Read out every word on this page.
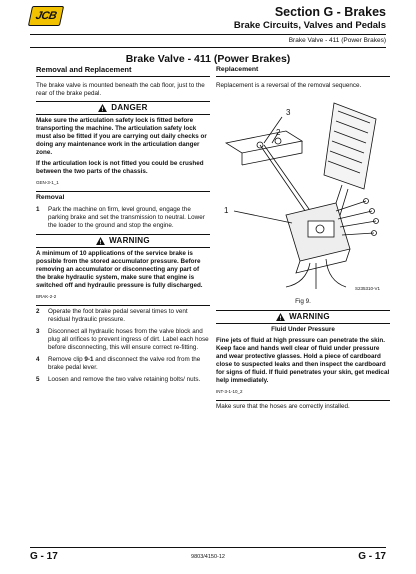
JCB	Section G - Brakes
Brake Circuits, Valves and Pedals
Brake Valve - 411 (Power Brakes)
Brake Valve - 411 (Power Brakes)
Removal and Replacement

The brake valve is mounted beneath the cab floor, just to the rear of the brake pedal.

DANGER

Make sure the articulation safety lock is fitted before transporting the machine. The articulation safety lock must also be fitted if you are carrying out daily checks or doing any maintenance work in the articulation danger zone.

If the articulation lock is not fitted you could be crushed between the two parts of the chassis.

GEN-3-1_1
Removal
1	Park the machine on firm, level ground, engage the parking brake and set the transmission to neutral. Lower the loader to the ground and stop the engine.
WARNING

A minimum of 10 applications of the service brake is possible from the stored accumulator pressure. Before removing an accumulator or disconnecting any part of the brake hydraulic system, make sure that engine is switched off and hydraulic pressure is fully discharged.

BRAK-2-2
2	Operate the foot brake pedal several times to vent residual hydraulic pressure.
3	Disconnect all hydraulic hoses from the valve block and plug all orifices to prevent ingress of dirt. Label each hose before disconnecting, this will ensure correct re-fitting.
4	Remove clip 9-1 and disconnect the valve rod from the brake pedal lever.
5	Loosen and remove the two valve retaining bolts/ nuts.
Replacement

Replacement is a reversal of the removal sequence.

3
2
1
S235310-V1
Fig 9.
WARNING

Fluid Under Pressure

Fine jets of fluid at high pressure can penetrate the skin. Keep face and hands well clear of fluid under pressure and wear protective glasses. Hold a piece of cardboard close to suspected leaks and then inspect the cardboard for signs of fluid. If fluid penetrates your skin, get medical help immediately.

INT-3-1-10_2

Make sure that the hoses are correctly installed.

G - 17	9803/4150-12	G - 17
